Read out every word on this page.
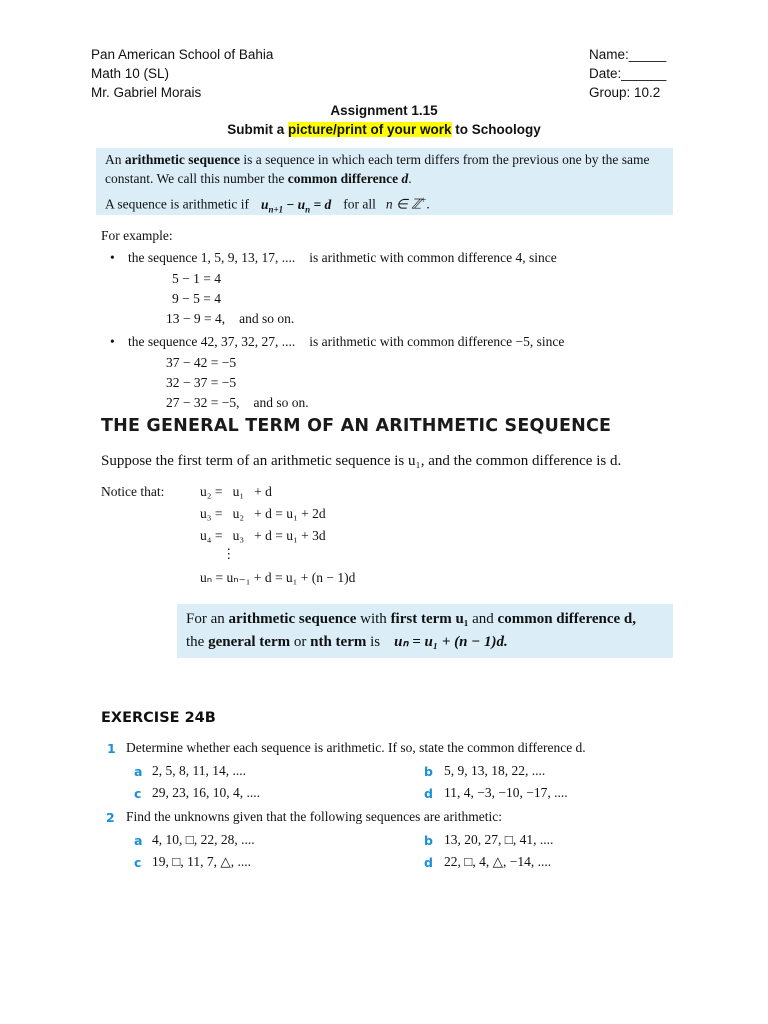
Pan American School of Bahia
Math 10 (SL)
Mr. Gabriel Morais
Name:_____
Date:______
Group: 10.2
Assignment 1.15
Submit a picture/print of your work to Schoology
An arithmetic sequence is a sequence in which each term differs from the previous one by the same
constant. We call this number the common difference d.
A sequence is arithmetic if $u_{n+1} - u_n = d$ for all n ∈ ℤ+.
For example:
• the sequence 1, 5, 9, 13, 17, .... is arithmetic with common difference 4, since
5 − 1 = 4
9 − 5 = 4
13 − 9 = 4, and so on.
• the sequence 42, 37, 32, 27, .... is arithmetic with common difference −5, since
37 − 42 = −5
32 − 37 = −5
27 − 32 = −5, and so on.
THE GENERAL TERM OF AN ARITHMETIC SEQUENCE
Suppose the first term of an arithmetic sequence is u₁, and the common difference is d.
Notice that:	u₂ =   u₁   + d
u₃ =   u₂   + d = u₁ + 2d
u₄ =   u₃   + d = u₁ + 3d
⋮
uₙ = uₙ₋₁ + d = u₁ + (n − 1)d
For an arithmetic sequence with first term u₁ and common difference d,
the general term or nth term is uₙ = u₁ + (n − 1)d.
EXERCISE 24B
1 Determine whether each sequence is arithmetic. If so, state the common difference d.
a 2, 5, 8, 11, 14, ....	b 5, 9, 13, 18, 22, ....
c 29, 23, 16, 10, 4, ....	d 11, 4, −3, −10, −17, ....
2 Find the unknowns given that the following sequences are arithmetic:
a 4, 10, □, 22, 28, ....	b 13, 20, 27, □, 41, ....
c 19, □, 11, 7, △, ....	d 22, □, 4, △, −14, ....
